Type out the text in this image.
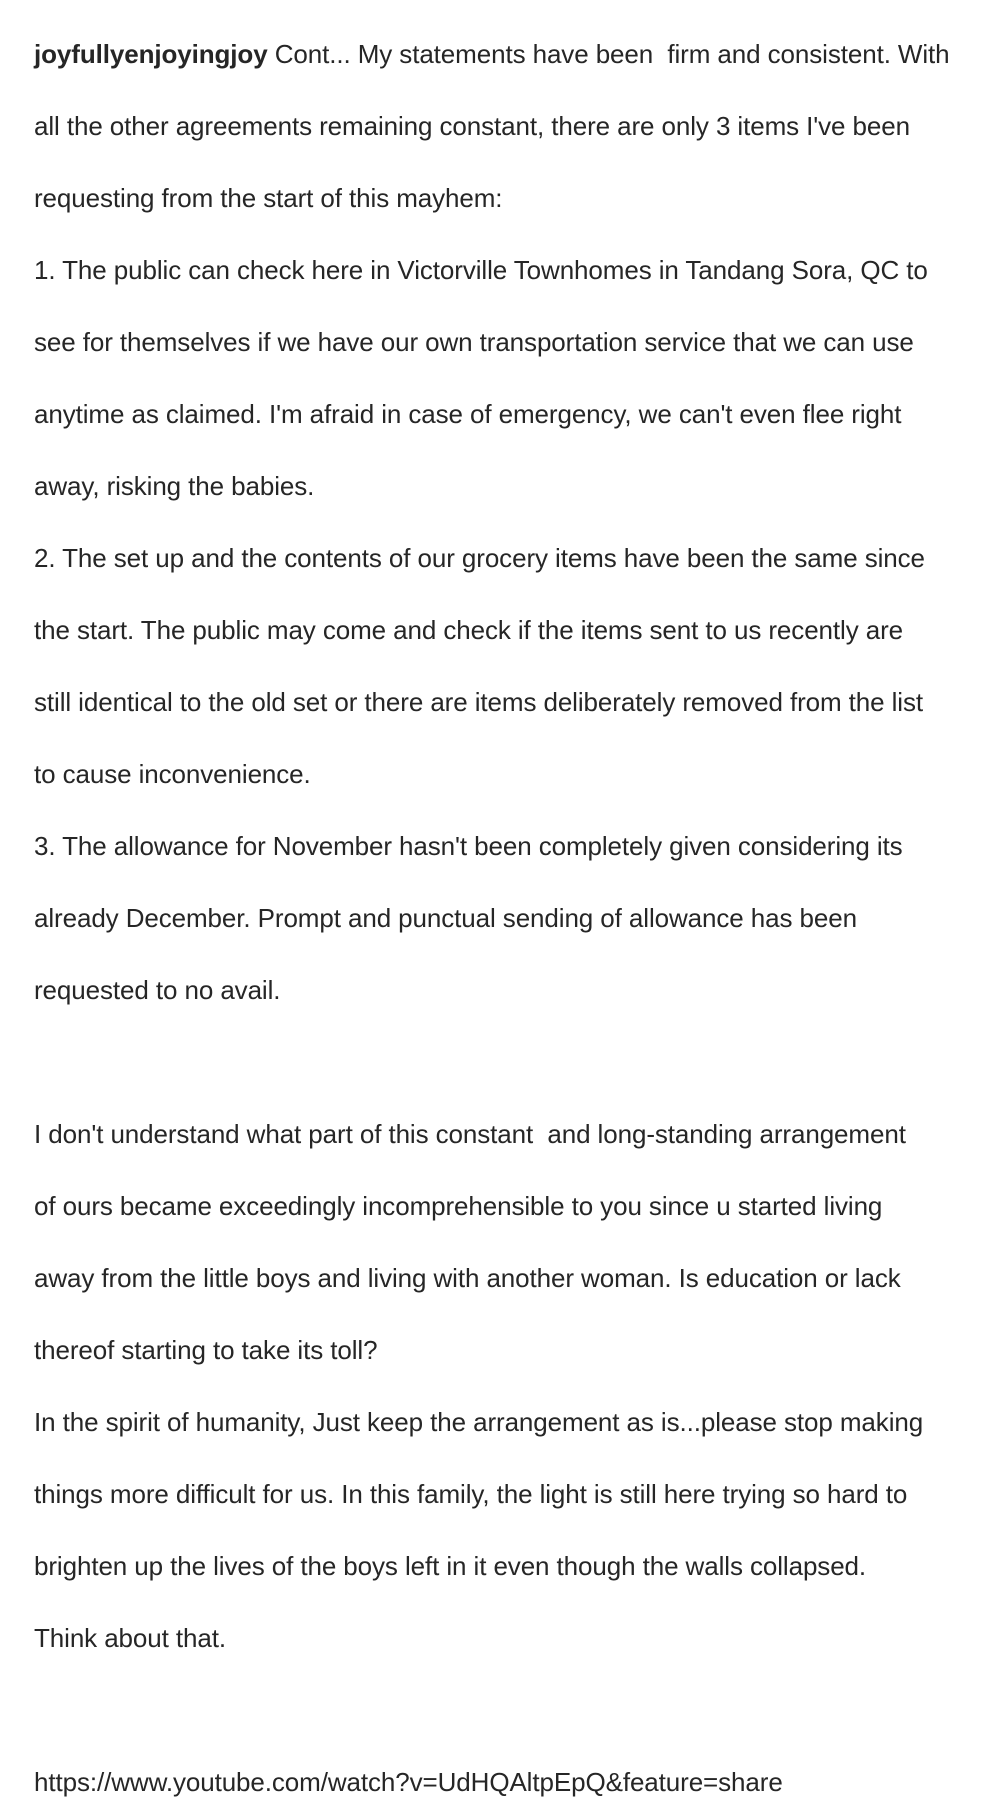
joyfullyenjoyingjoy Cont... My statements have been  firm and consistent. With

all the other agreements remaining constant, there are only 3 items I've been

requesting from the start of this mayhem:

1. The public can check here in Victorville Townhomes in Tandang Sora, QC to

see for themselves if we have our own transportation service that we can use

anytime as claimed. I'm afraid in case of emergency, we can't even flee right

away, risking the babies.

2. The set up and the contents of our grocery items have been the same since

the start. The public may come and check if the items sent to us recently are

still identical to the old set or there are items deliberately removed from the list

to cause inconvenience.

3. The allowance for November hasn't been completely given considering its

already December. Prompt and punctual sending of allowance has been

requested to no avail.

I don't understand what part of this constant  and long-standing arrangement

of ours became exceedingly incomprehensible to you since u started living

away from the little boys and living with another woman. Is education or lack

thereof starting to take its toll?

In the spirit of humanity, Just keep the arrangement as is...please stop making

things more difficult for us. In this family, the light is still here trying so hard to

brighten up the lives of the boys left in it even though the walls collapsed.

Think about that.

https://www.youtube.com/watch?v=UdHQAltpEpQ&feature=share
